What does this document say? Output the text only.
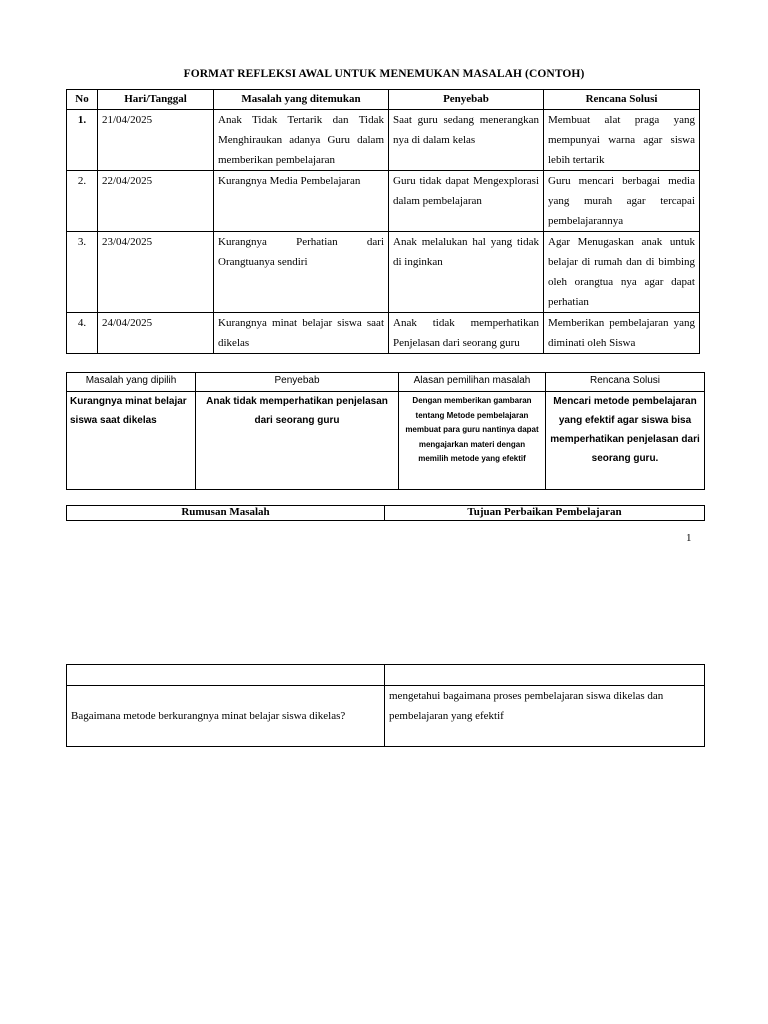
FORMAT REFLEKSI AWAL UNTUK MENEMUKAN MASALAH (CONTOH)
No	Hari/Tanggal	Masalah yang ditemukan	Penyebab	Rencana Solusi
1.	21/04/2025	Anak Tidak Tertarik dan Tidak Menghiraukan adanya Guru dalam memberikan pembelajaran	Saat guru sedang menerangkan nya di dalam kelas	Membuat alat praga yang mempunyai warna agar siswa lebih tertarik
2.	22/04/2025	Kurangnya Media Pembelajaran	Guru tidak dapat Mengexplorasi dalam pembelajaran	Guru mencari berbagai media yang murah agar tercapai pembelajarannya
3.	23/04/2025	Kurangnya Perhatian dari Orangtuanya sendiri	Anak melalukan hal yang tidak di inginkan	Agar Menugaskan anak untuk belajar di rumah dan di bimbing oleh orangtua nya agar dapat perhatian
4.	24/04/2025	Kurangnya minat belajar siswa saat dikelas	Anak tidak memperhatikan Penjelasan dari seorang guru	Memberikan pembelajaran yang diminati oleh Siswa
Masalah yang dipilih	Penyebab	Alasan pemilihan masalah	Rencana Solusi
Kurangnya minat belajar siswa saat dikelas	Anak tidak memperhatikan penjelasan dari seorang guru	Dengan memberikan gambaran tentang Metode pembelajaran membuat para guru nantinya dapat mengajarkan materi dengan memilih metode yang efektif	Mencari metode pembelajaran yang efektif agar siswa bisa memperhatikan penjelasan dari seorang guru.
Rumusan Masalah	Tujuan Perbaikan Pembelajaran
1

Bagaimana metode berkurangnya minat belajar siswa dikelas?	mengetahui bagaimana proses pembelajaran siswa dikelas dan pembelajaran yang efektif
